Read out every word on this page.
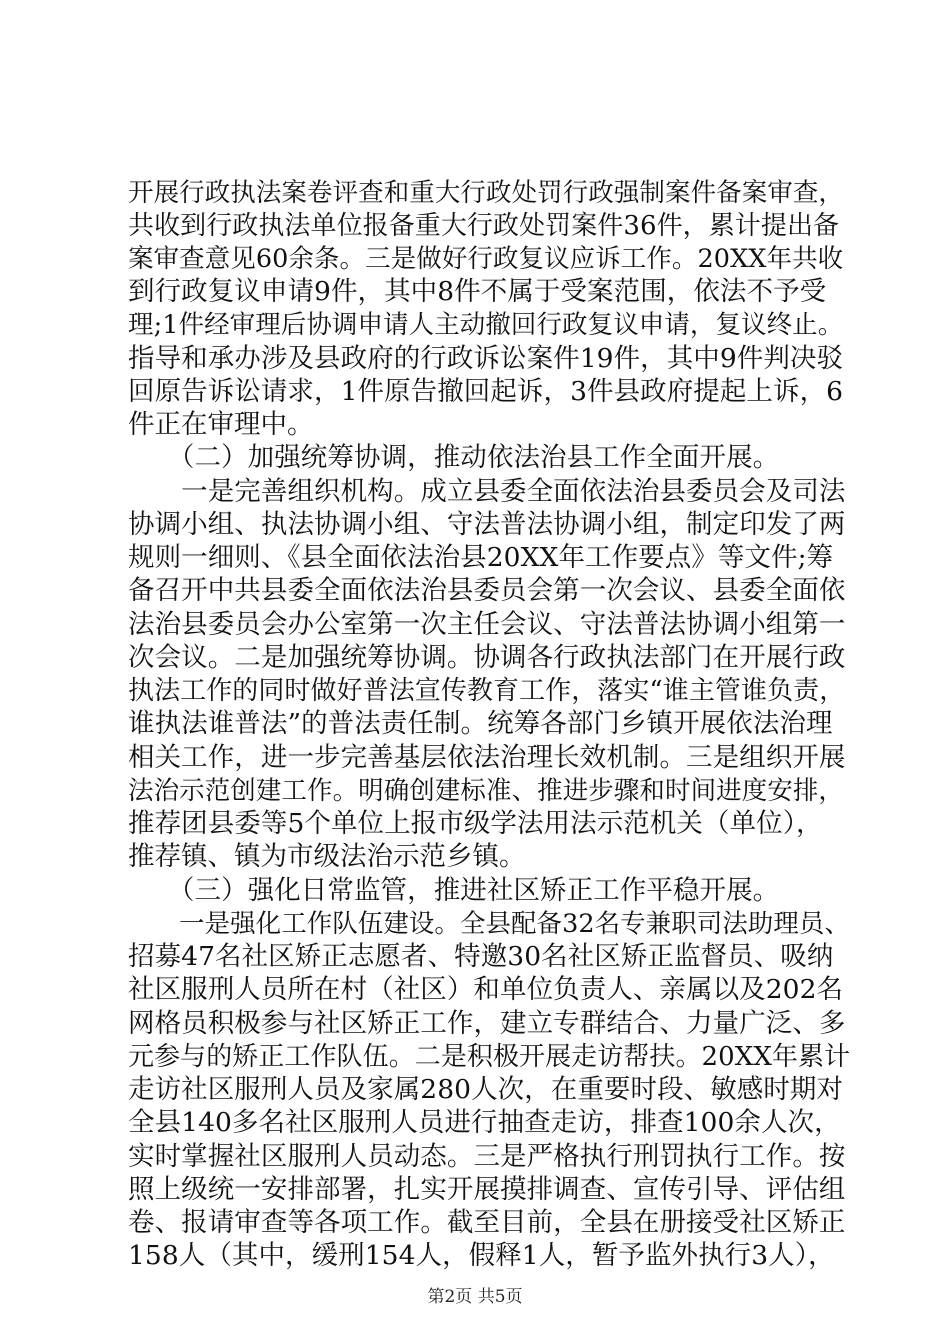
开展行政执法案卷评查和重大行政处罚行政强制案件备案审查，
共收到行政执法单位报备重大行政处罚案件36件，累计提出备
案审查意见60余条。三是做好行政复议应诉工作。20XX年共收
到行政复议申请9件，其中8件不属于受案范围，依法不予受
理;1件经审理后协调申请人主动撤回行政复议申请，复议终止。
指导和承办涉及县政府的行政诉讼案件19件，其中9件判决驳
回原告诉讼请求，1件原告撤回起诉，3件县政府提起上诉，6
件正在审理中。
　　（二）加强统筹协调，推动依法治县工作全面开展。
　　一是完善组织机构。成立县委全面依法治县委员会及司法
协调小组、执法协调小组、守法普法协调小组，制定印发了两
规则一细则、《县全面依法治县20XX年工作要点》等文件;筹
备召开中共县委全面依法治县委员会第一次会议、县委全面依
法治县委员会办公室第一次主任会议、守法普法协调小组第一
次会议。二是加强统筹协调。协调各行政执法部门在开展行政
执法工作的同时做好普法宣传教育工作，落实“谁主管谁负责，
谁执法谁普法”的普法责任制。统筹各部门乡镇开展依法治理
相关工作，进一步完善基层依法治理长效机制。三是组织开展
法治示范创建工作。明确创建标准、推进步骤和时间进度安排，
推荐团县委等5个单位上报市级学法用法示范机关（单位），
推荐镇、镇为市级法治示范乡镇。
　　（三）强化日常监管，推进社区矫正工作平稳开展。
　　一是强化工作队伍建设。全县配备32名专兼职司法助理员、
招募47名社区矫正志愿者、特邀30名社区矫正监督员、吸纳
社区服刑人员所在村（社区）和单位负责人、亲属以及202名
网格员积极参与社区矫正工作，建立专群结合、力量广泛、多
元参与的矫正工作队伍。二是积极开展走访帮扶。20XX年累计
走访社区服刑人员及家属280人次，在重要时段、敏感时期对
全县140多名社区服刑人员进行抽查走访，排查100余人次，
实时掌握社区服刑人员动态。三是严格执行刑罚执行工作。按
照上级统一安排部署，扎实开展摸排调查、宣传引导、评估组
卷、报请审查等各项工作。截至目前，全县在册接受社区矫正
158人（其中，缓刑154人，假释1人，暂予监外执行3人），
第2页 共5页
